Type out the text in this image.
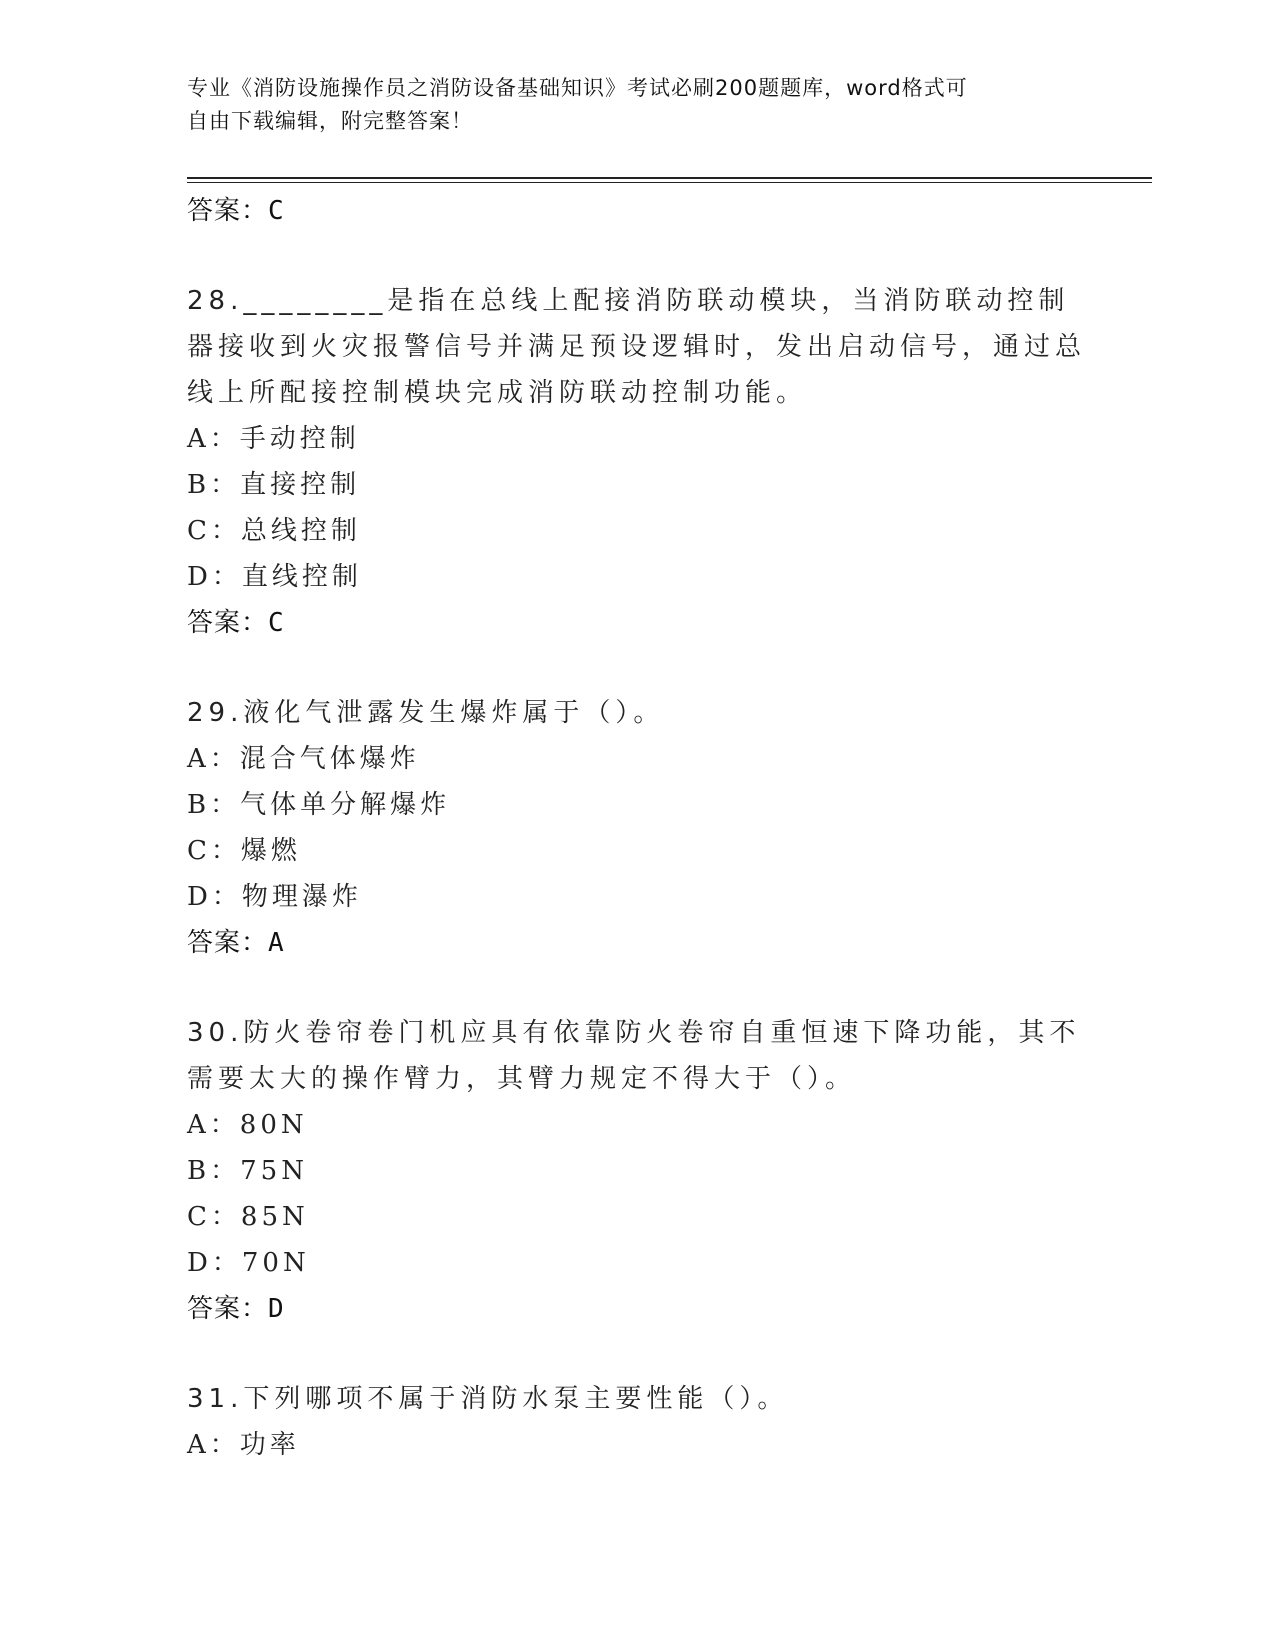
专业《消防设施操作员之消防设备基础知识》考试必刷200题题库，word格式可
自由下载编辑，附完整答案！
答案：C

28.________是指在总线上配接消防联动模块，当消防联动控制器接收到火灾报警信号并满足预设逻辑时，发出启动信号，通过总线上所配接控制模块完成消防联动控制功能。

A：手动控制
B：直接控制
C：总线控制
D：直线控制
答案：C

29.液化气泄露发生爆炸属于（）。

A：混合气体爆炸
B：气体单分解爆炸
C：爆燃
D：物理瀑炸
答案：A

30.防火卷帘卷门机应具有依靠防火卷帘自重恒速下降功能，其不需要太大的操作臂力，其臂力规定不得大于（）。

A：80N
B：75N
C：85N
D：70N
答案：D

31.下列哪项不属于消防水泵主要性能（）。

A：功率
